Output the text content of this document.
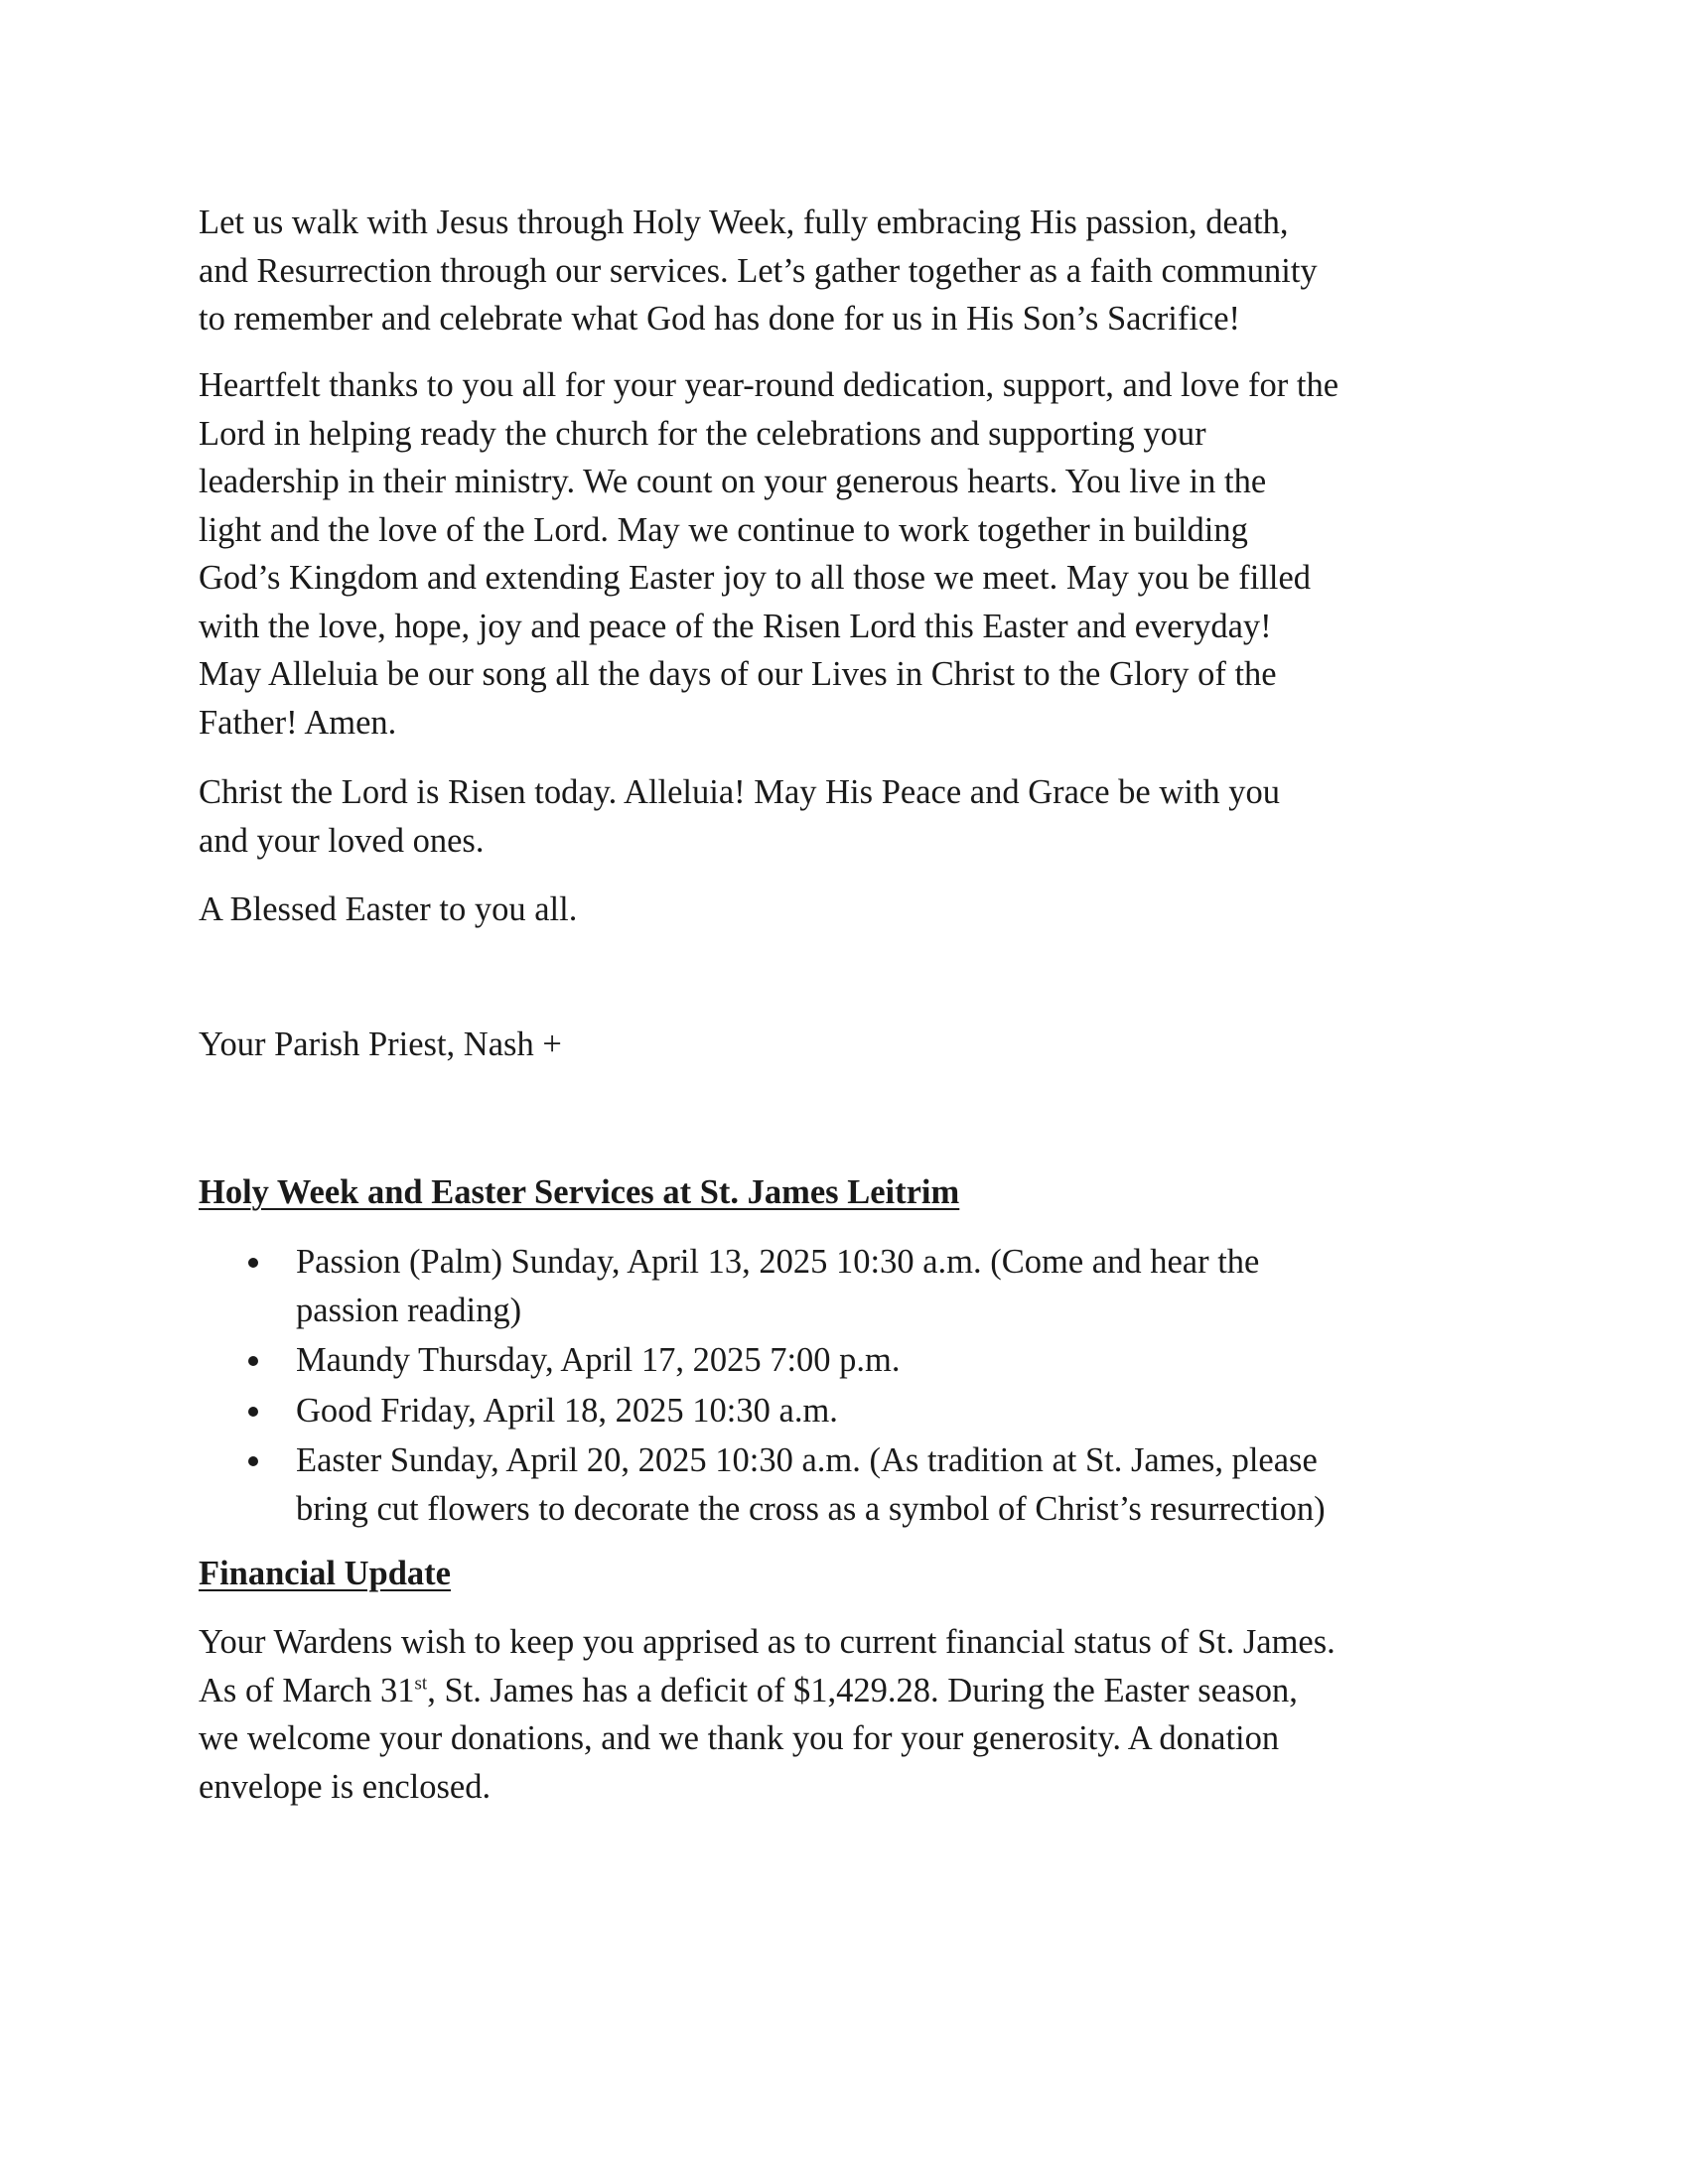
Let us walk with Jesus through Holy Week, fully embracing His passion, death,
and Resurrection through our services. Let’s gather together as a faith community
to remember and celebrate what God has done for us in His Son’s Sacrifice!

Heartfelt thanks to you all for your year-round dedication, support, and love for the
Lord in helping ready the church for the celebrations and supporting your
leadership in their ministry. We count on your generous hearts. You live in the
light and the love of the Lord. May we continue to work together in building
God’s Kingdom and extending Easter joy to all those we meet. May you be filled
with the love, hope, joy and peace of the Risen Lord this Easter and everyday!
May Alleluia be our song all the days of our Lives in Christ to the Glory of the
Father! Amen.

Christ the Lord is Risen today. Alleluia! May His Peace and Grace be with you
and your loved ones.

A Blessed Easter to you all.

Your Parish Priest, Nash +

Holy Week and Easter Services at St. James Leitrim
Passion (Palm) Sunday, April 13, 2025 10:30 a.m. (Come and hear the
passion reading)
Maundy Thursday, April 17, 2025 7:00 p.m.
Good Friday, April 18, 2025 10:30 a.m.
Easter Sunday, April 20, 2025 10:30 a.m. (As tradition at St. James, please
bring cut flowers to decorate the cross as a symbol of Christ’s resurrection)
Financial Update

Your Wardens wish to keep you apprised as to current financial status of St. James.
As of March 31st, St. James has a deficit of $1,429.28. During the Easter season,
we welcome your donations, and we thank you for your generosity. A donation
envelope is enclosed.
